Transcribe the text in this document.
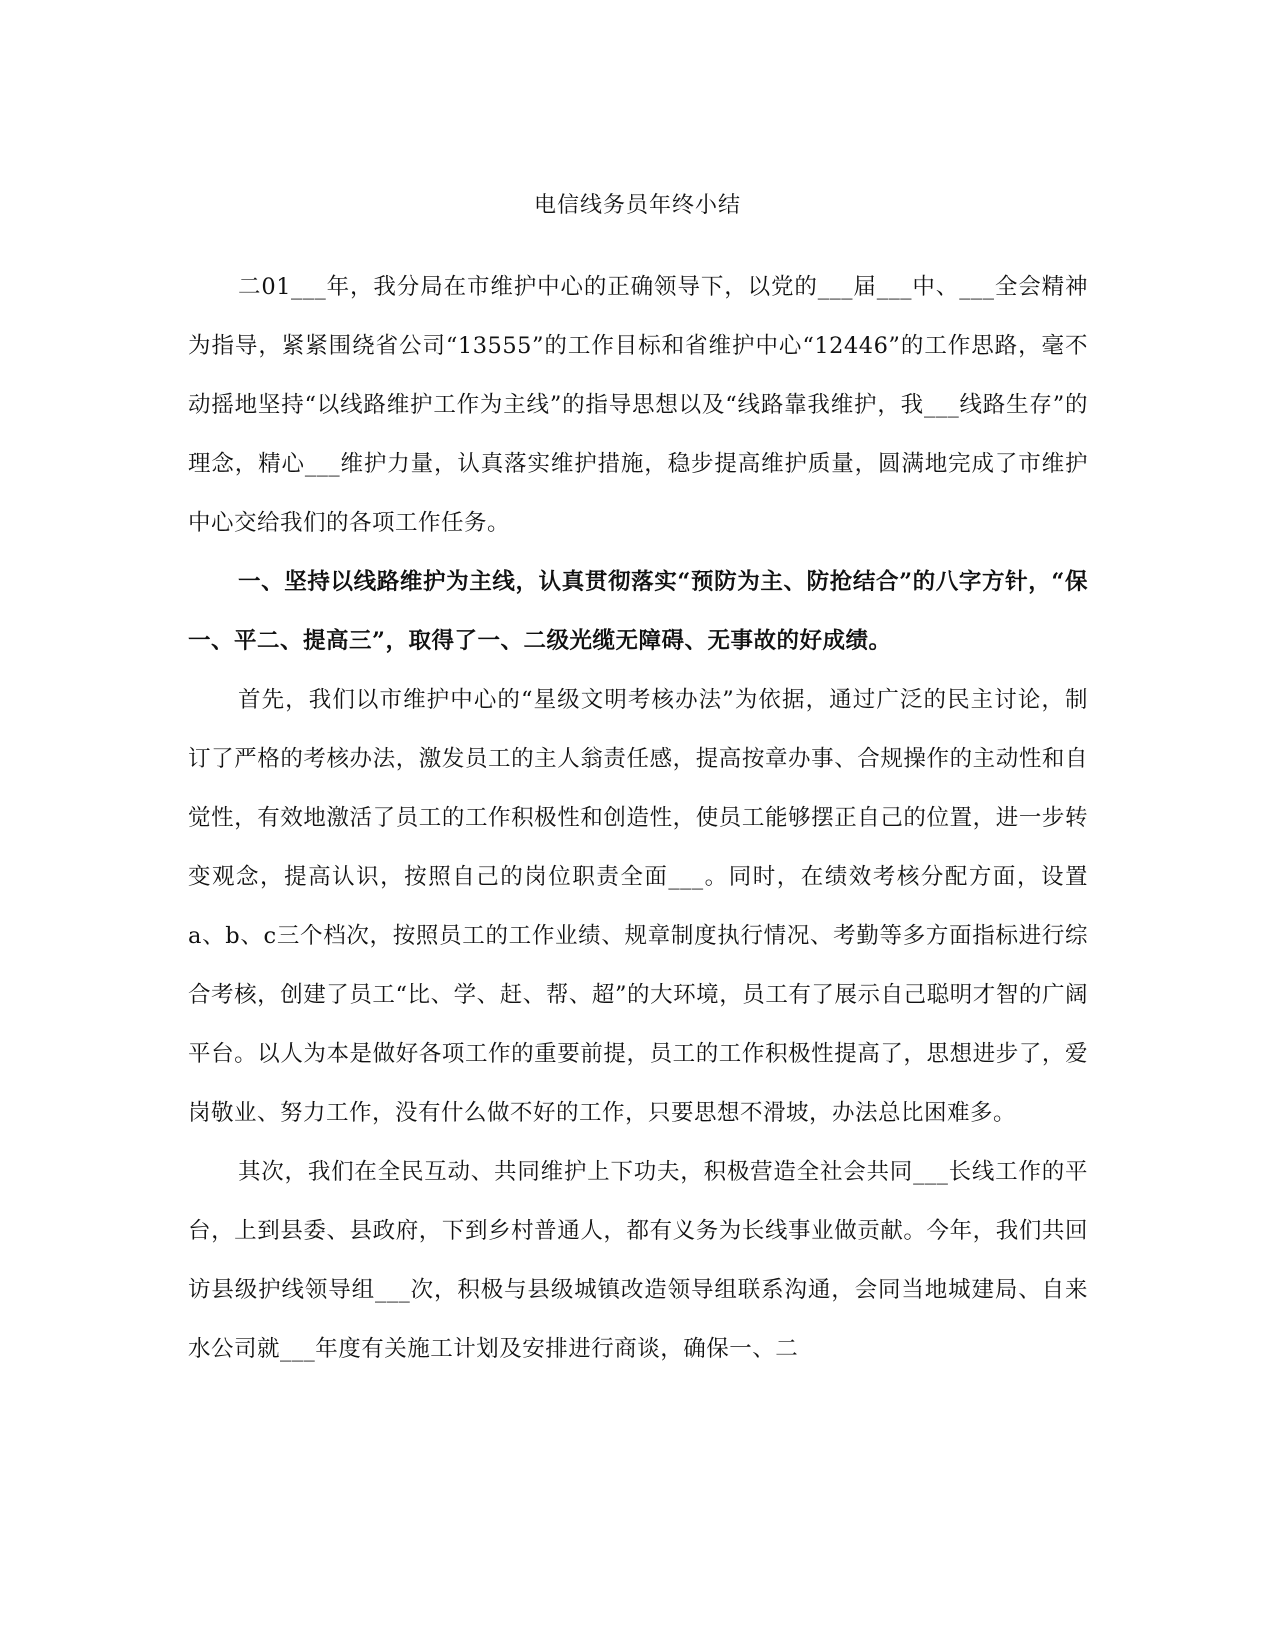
电信线务员年终小结

二01___年，我分局在市维护中心的正确领导下，以党的___届___中、___全会精神为指导，紧紧围绕省公司“13555”的工作目标和省维护中心“12446”的工作思路，毫不动摇地坚持“以线路维护工作为主线”的指导思想以及“线路靠我维护，我___线路生存”的理念，精心___维护力量，认真落实维护措施，稳步提高维护质量，圆满地完成了市维护中心交给我们的各项工作任务。

一、坚持以线路维护为主线，认真贯彻落实“预防为主、防抢结合”的八字方针，“保一、平二、提高三”，取得了一、二级光缆无障碍、无事故的好成绩。

首先，我们以市维护中心的“星级文明考核办法”为依据，通过广泛的民主讨论，制订了严格的考核办法，激发员工的主人翁责任感，提高按章办事、合规操作的主动性和自觉性，有效地激活了员工的工作积极性和创造性，使员工能够摆正自己的位置，进一步转变观念，提高认识，按照自己的岗位职责全面___。同时，在绩效考核分配方面，设置a、b、c三个档次，按照员工的工作业绩、规章制度执行情况、考勤等多方面指标进行综合考核，创建了员工“比、学、赶、帮、超”的大环境，员工有了展示自己聪明才智的广阔平台。以人为本是做好各项工作的重要前提，员工的工作积极性提高了，思想进步了，爱岗敬业、努力工作，没有什么做不好的工作，只要思想不滑坡，办法总比困难多。

其次，我们在全民互动、共同维护上下功夫，积极营造全社会共同___长线工作的平台，上到县委、县政府，下到乡村普通人，都有义务为长线事业做贡献。今年，我们共回访县级护线领导组___次，积极与县级城镇改造领导组联系沟通，会同当地城建局、自来水公司就___年度有关施工计划及安排进行商谈，确保一、二
